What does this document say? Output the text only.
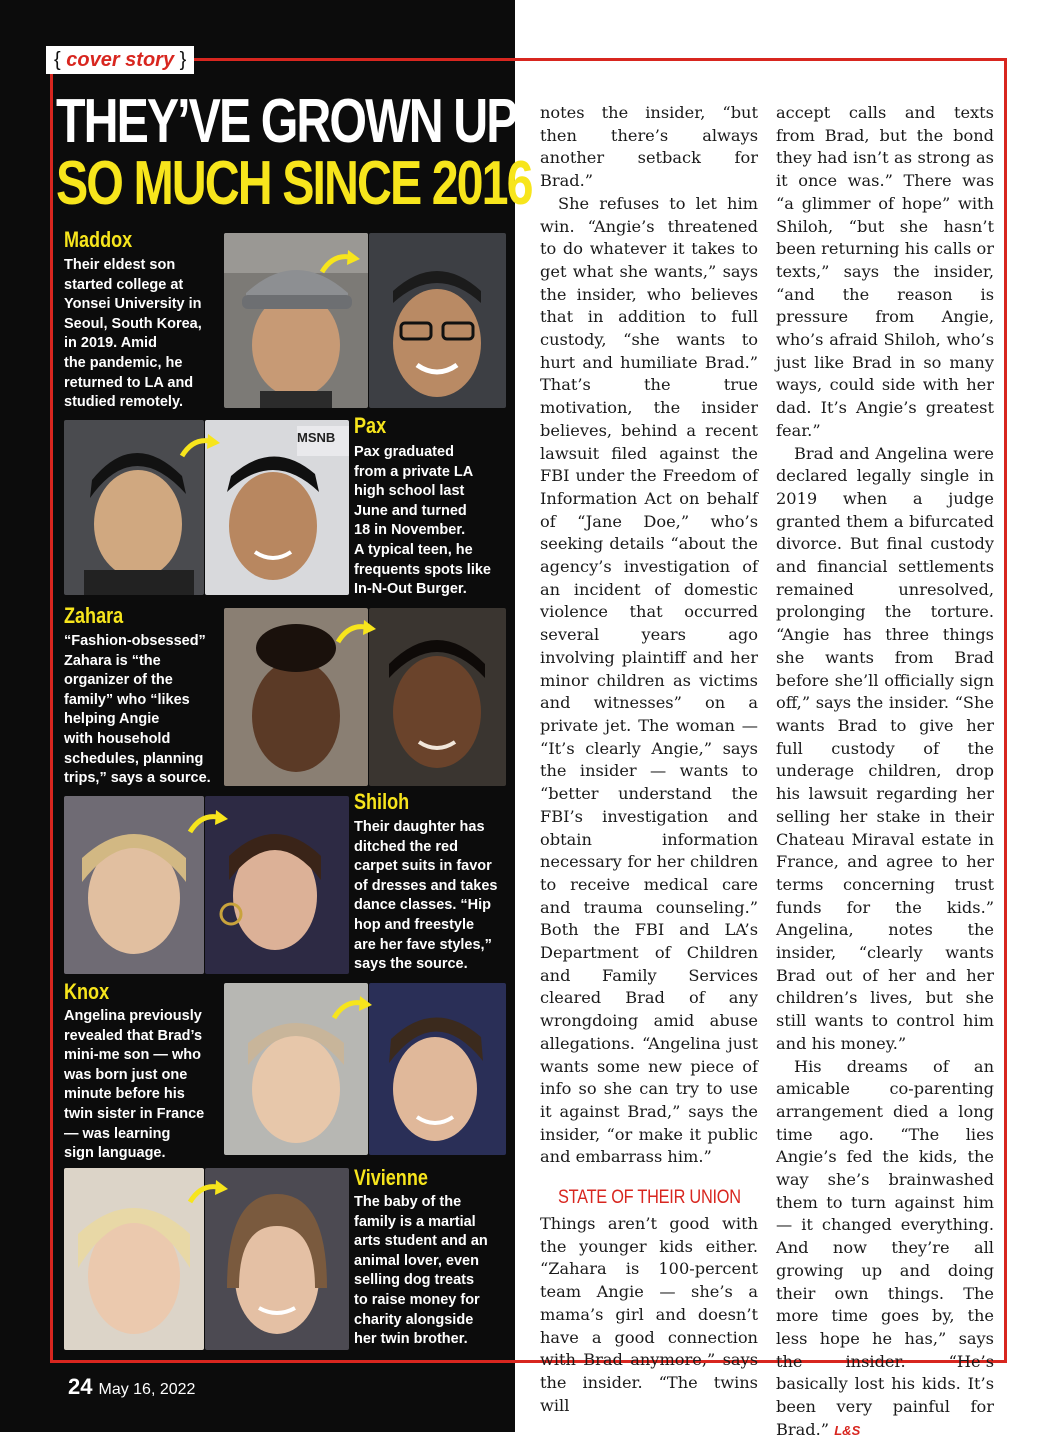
{ cover story }
THEY’VE GROWN UP
SO MUCH SINCE 2016
Maddox
Their eldest son
started college at
Yonsei University in
Seoul, South Korea,
in 2019. Amid
the pandemic, he
returned to LA and
studied remotely.
MSNB Pax
Pax graduated
from a private LA
high school last
June and turned
18 in November.
A typical teen, he
frequents spots like
In-N-Out Burger.
Zahara
“Fashion-obsessed”
Zahara is “the
organizer of the
family” who “likes
helping Angie
with household
schedules, planning
trips,” says a source.
Shiloh
Their daughter has
ditched the red
carpet suits in favor
of dresses and takes
dance classes. “Hip
hop and freestyle
are her fave styles,”
says the source.
Knox
Angelina previously
revealed that Brad’s
mini-me son — who
was born just one
minute before his
twin sister in France
— was learning
sign language.
Vivienne
The baby of the
family is a martial
arts student and an
animal lover, even
selling dog treats
to raise money for
charity alongside
her twin brother.

notes the insider, “but then there’s always another setback for Brad.”

She refuses to let him win. “Angie’s threatened to do whatever it takes to get what she wants,” says the insider, who believes that in addition to full custody, “she wants to hurt and humiliate Brad.” That’s the true motivation, the insider believes, behind a recent lawsuit filed against the FBI under the Freedom of Information Act on behalf of “Jane Doe,” who’s seeking details “about the agency’s investigation of an incident of domestic violence that occurred several years ago involving plaintiff and her minor children as victims and witnesses” on a private jet. The woman — “It’s clearly Angie,” says the insider — wants to “better understand the FBI’s investigation and obtain information necessary for her children to receive medical care and trauma counseling.” Both the FBI and LA’s Department of Children and Family Services cleared Brad of any wrongdoing amid abuse allegations. “Angelina just wants some new piece of info so she can try to use it against Brad,” says the insider, “or make it public and embarrass him.”

STATE OF THEIR UNION

Things aren’t good with the younger kids either. “Zahara is 100-percent team Angie — she’s a mama’s girl and doesn’t have a good connection with Brad anymore,” says the insider. “The twins will

accept calls and texts from Brad, but the bond they had isn’t as strong as it once was.” There was “a glimmer of hope” with Shiloh, “but she hasn’t been returning his calls or texts,” says the insider, “and the reason is pressure from Angie, who’s afraid Shiloh, who’s just like Brad in so many ways, could side with her dad. It’s Angie’s greatest fear.”

Brad and Angelina were declared legally single in 2019 when a judge granted them a bifurcated divorce. But final custody and financial settlements remained unresolved, prolonging the torture. “Angie has three things she wants from Brad before she’ll officially sign off,” says the insider. “She wants Brad to give her full custody of the underage children, drop his lawsuit regarding her selling her stake in their Chateau Miraval estate in France, and agree to her terms concerning trust funds for the kids.” Angelina, notes the insider, “clearly wants Brad out of her and her children’s lives, but she still wants to control him and his money.”

His dreams of an amicable co-parenting arrangement died a long time ago. “The lies Angie’s fed the kids, the way she’s brainwashed them to turn against him — it changed everything. And now they’re all growing up and doing their own things. The more time goes by, the less hope he has,” says the insider. “He’s basically lost his kids. It’s been very painful for Brad.” L&S

24 May 16, 2022
